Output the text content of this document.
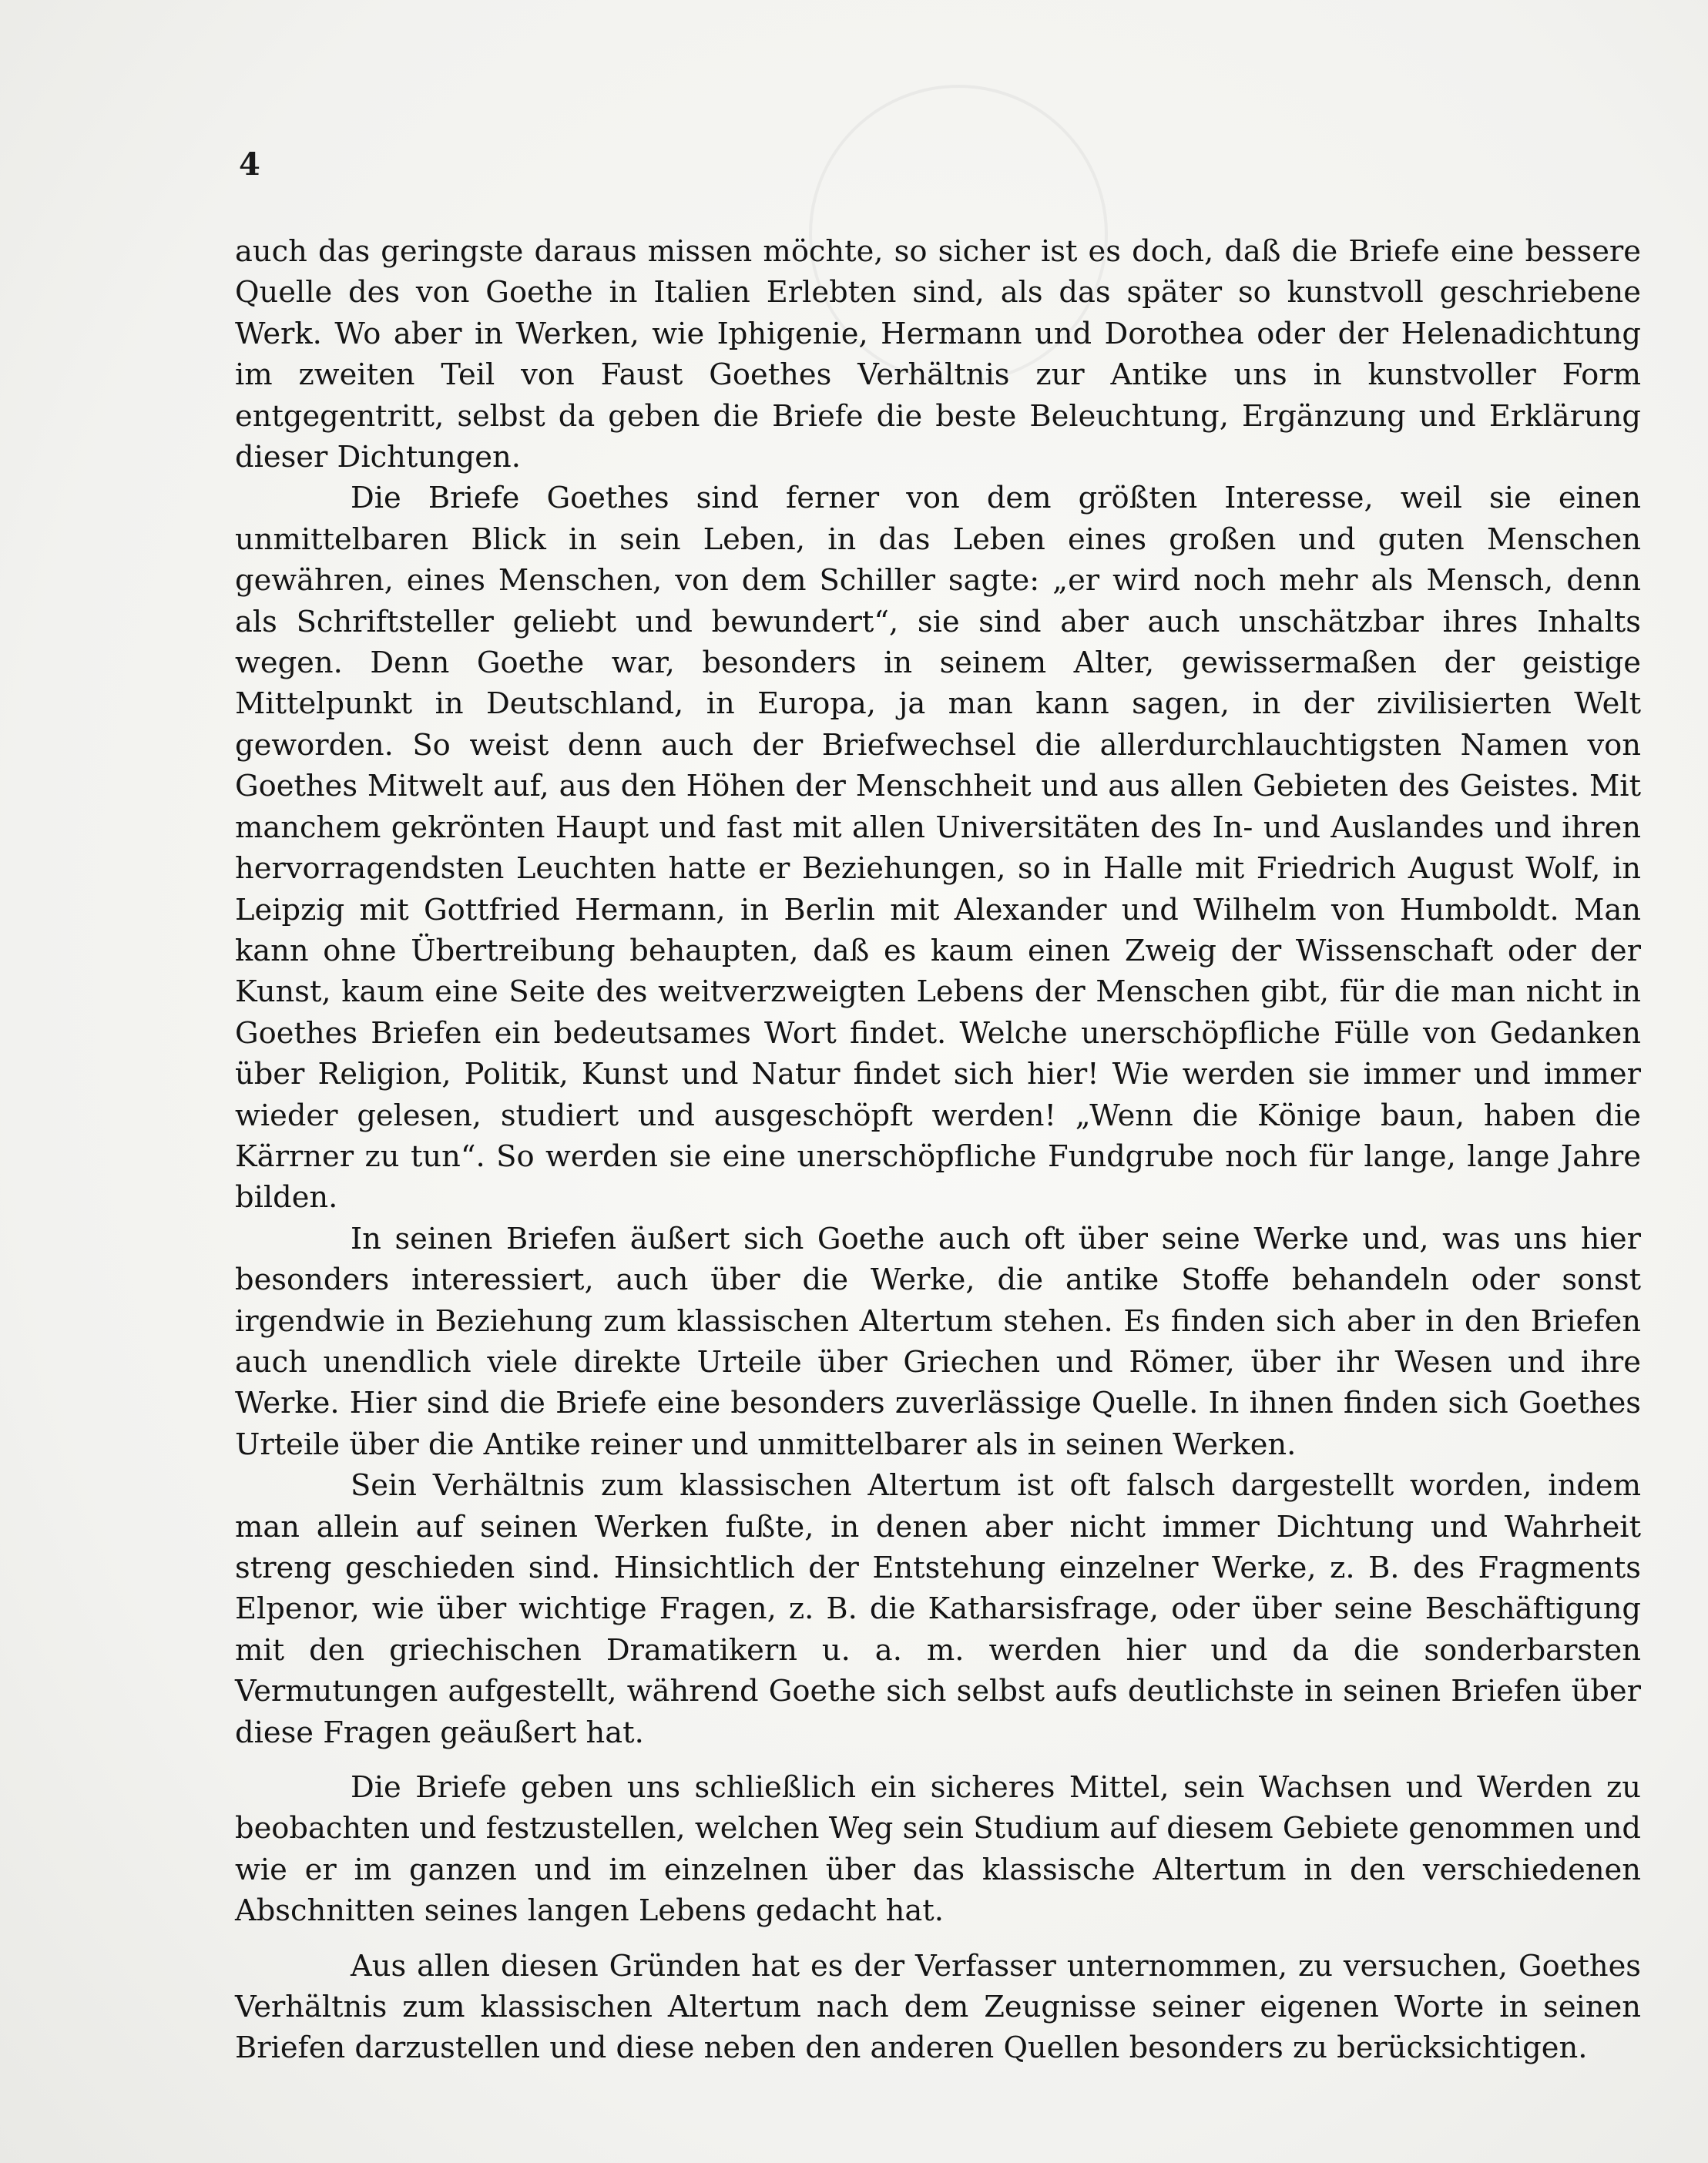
4

auch das geringste daraus missen möchte, so sicher ist es doch, daß die Briefe eine bessere Quelle des von Goethe in Italien Erlebten sind, als das später so kunstvoll geschriebene Werk. Wo aber in Werken, wie Iphigenie, Hermann und Dorothea oder der Helenadichtung im zweiten Teil von Faust Goethes Verhältnis zur Antike uns in kunstvoller Form entgegentritt, selbst da geben die Briefe die beste Beleuchtung, Ergänzung und Erklärung dieser Dichtungen.

Die Briefe Goethes sind ferner von dem größten Interesse, weil sie einen unmittelbaren Blick in sein Leben, in das Leben eines großen und guten Menschen gewähren, eines Menschen, von dem Schiller sagte: „er wird noch mehr als Mensch, denn als Schriftsteller geliebt und bewundert“, sie sind aber auch unschätzbar ihres Inhalts wegen. Denn Goethe war, besonders in seinem Alter, gewissermaßen der geistige Mittelpunkt in Deutschland, in Europa, ja man kann sagen, in der zivilisierten Welt geworden. So weist denn auch der Briefwechsel die allerdurchlauchtigsten Namen von Goethes Mitwelt auf, aus den Höhen der Menschheit und aus allen Gebieten des Geistes. Mit manchem gekrönten Haupt und fast mit allen Universitäten des In- und Auslandes und ihren hervorragendsten Leuchten hatte er Beziehungen, so in Halle mit Friedrich August Wolf, in Leipzig mit Gottfried Hermann, in Berlin mit Alexander und Wilhelm von Humboldt. Man kann ohne Übertreibung behaupten, daß es kaum einen Zweig der Wissenschaft oder der Kunst, kaum eine Seite des weitverzweigten Lebens der Menschen gibt, für die man nicht in Goethes Briefen ein bedeutsames Wort findet. Welche unerschöpfliche Fülle von Gedanken über Religion, Politik, Kunst und Natur findet sich hier! Wie werden sie immer und immer wieder gelesen, studiert und ausgeschöpft werden! „Wenn die Könige baun, haben die Kärrner zu tun“. So werden sie eine unerschöpfliche Fundgrube noch für lange, lange Jahre bilden.

In seinen Briefen äußert sich Goethe auch oft über seine Werke und, was uns hier besonders interessiert, auch über die Werke, die antike Stoffe behandeln oder sonst irgendwie in Beziehung zum klassischen Altertum stehen. Es finden sich aber in den Briefen auch unendlich viele direkte Urteile über Griechen und Römer, über ihr Wesen und ihre Werke. Hier sind die Briefe eine besonders zuverlässige Quelle. In ihnen finden sich Goethes Urteile über die Antike reiner und unmittelbarer als in seinen Werken.

Sein Verhältnis zum klassischen Altertum ist oft falsch dargestellt worden, indem man allein auf seinen Werken fußte, in denen aber nicht immer Dichtung und Wahrheit streng geschieden sind. Hinsichtlich der Entstehung einzelner Werke, z. B. des Fragments Elpenor, wie über wichtige Fragen, z. B. die Katharsisfrage, oder über seine Beschäftigung mit den griechischen Dramatikern u. a. m. werden hier und da die sonderbarsten Vermutungen aufgestellt, während Goethe sich selbst aufs deutlichste in seinen Briefen über diese Fragen geäußert hat.

Die Briefe geben uns schließlich ein sicheres Mittel, sein Wachsen und Werden zu beobachten und festzustellen, welchen Weg sein Studium auf diesem Gebiete genommen und wie er im ganzen und im einzelnen über das klassische Altertum in den verschiedenen Abschnitten seines langen Lebens gedacht hat.

Aus allen diesen Gründen hat es der Verfasser unternommen, zu versuchen, Goethes Verhältnis zum klassischen Altertum nach dem Zeugnisse seiner eigenen Worte in seinen Briefen darzustellen und diese neben den anderen Quellen besonders zu berücksichtigen.
